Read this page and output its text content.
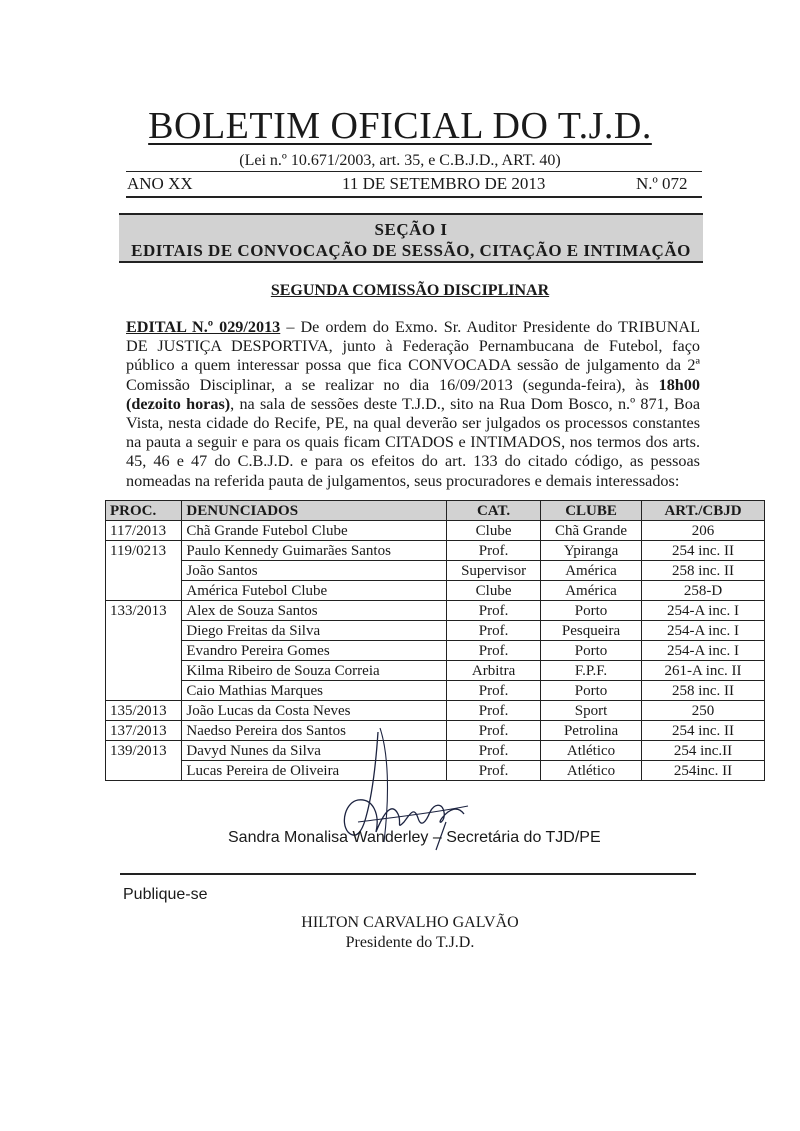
BOLETIM OFICIAL DO T.J.D.
(Lei n.º 10.671/2003, art. 35, e C.B.J.D., ART. 40)
ANO XX	11 DE SETEMBRO DE 2013	N.º 072
SEÇÃO I
EDITAIS DE CONVOCAÇÃO DE SESSÃO, CITAÇÃO E INTIMAÇÃO
SEGUNDA COMISSÃO DISCIPLINAR
EDITAL N.º 029/2013 – De ordem do Exmo. Sr. Auditor Presidente do TRIBUNAL DE JUSTIÇA DESPORTIVA, junto à Federação Pernambucana de Futebol, faço público a quem interessar possa que fica CONVOCADA sessão de julgamento da 2ª Comissão Disciplinar, a se realizar no dia 16/09/2013 (segunda-feira), às 18h00 (dezoito horas), na sala de sessões deste T.J.D., sito na Rua Dom Bosco, n.º 871, Boa Vista, nesta cidade do Recife, PE, na qual deverão ser julgados os processos constantes na pauta a seguir e para os quais ficam CITADOS e INTIMADOS, nos termos dos arts. 45, 46 e 47 do C.B.J.D. e para os efeitos do art. 133 do citado código, as pessoas nomeadas na referida pauta de julgamentos, seus procuradores e demais interessados:
PROC.	DENUNCIADOS	CAT.	CLUBE	ART./CBJD
117/2013	Chã Grande Futebol Clube	Clube	Chã Grande	206
119/0213	Paulo Kennedy Guimarães Santos	Prof.	Ypiranga	254 inc. II
	João Santos	Supervisor	América	258 inc. II
	América Futebol Clube	Clube	América	258-D
133/2013	Alex de Souza Santos	Prof.	Porto	254-A inc. I
	Diego Freitas da Silva	Prof.	Pesqueira	254-A inc. I
	Evandro Pereira Gomes	Prof.	Porto	254-A inc. I
	Kilma Ribeiro de Souza Correia	Arbitra	F.P.F.	261-A inc. II
	Caio Mathias Marques	Prof.	Porto	258 inc. II
135/2013	João Lucas da Costa Neves	Prof.	Sport	250
137/2013	Naedso Pereira dos Santos	Prof.	Petrolina	254 inc. II
139/2013	Davyd Nunes da Silva	Prof.	Atlético	254 inc.II
	Lucas Pereira de Oliveira	Prof.	Atlético	254inc. II
Sandra Monalisa Wanderley – Secretária do TJD/PE
Publique-se
HILTON CARVALHO GALVÃO
Presidente do T.J.D.
